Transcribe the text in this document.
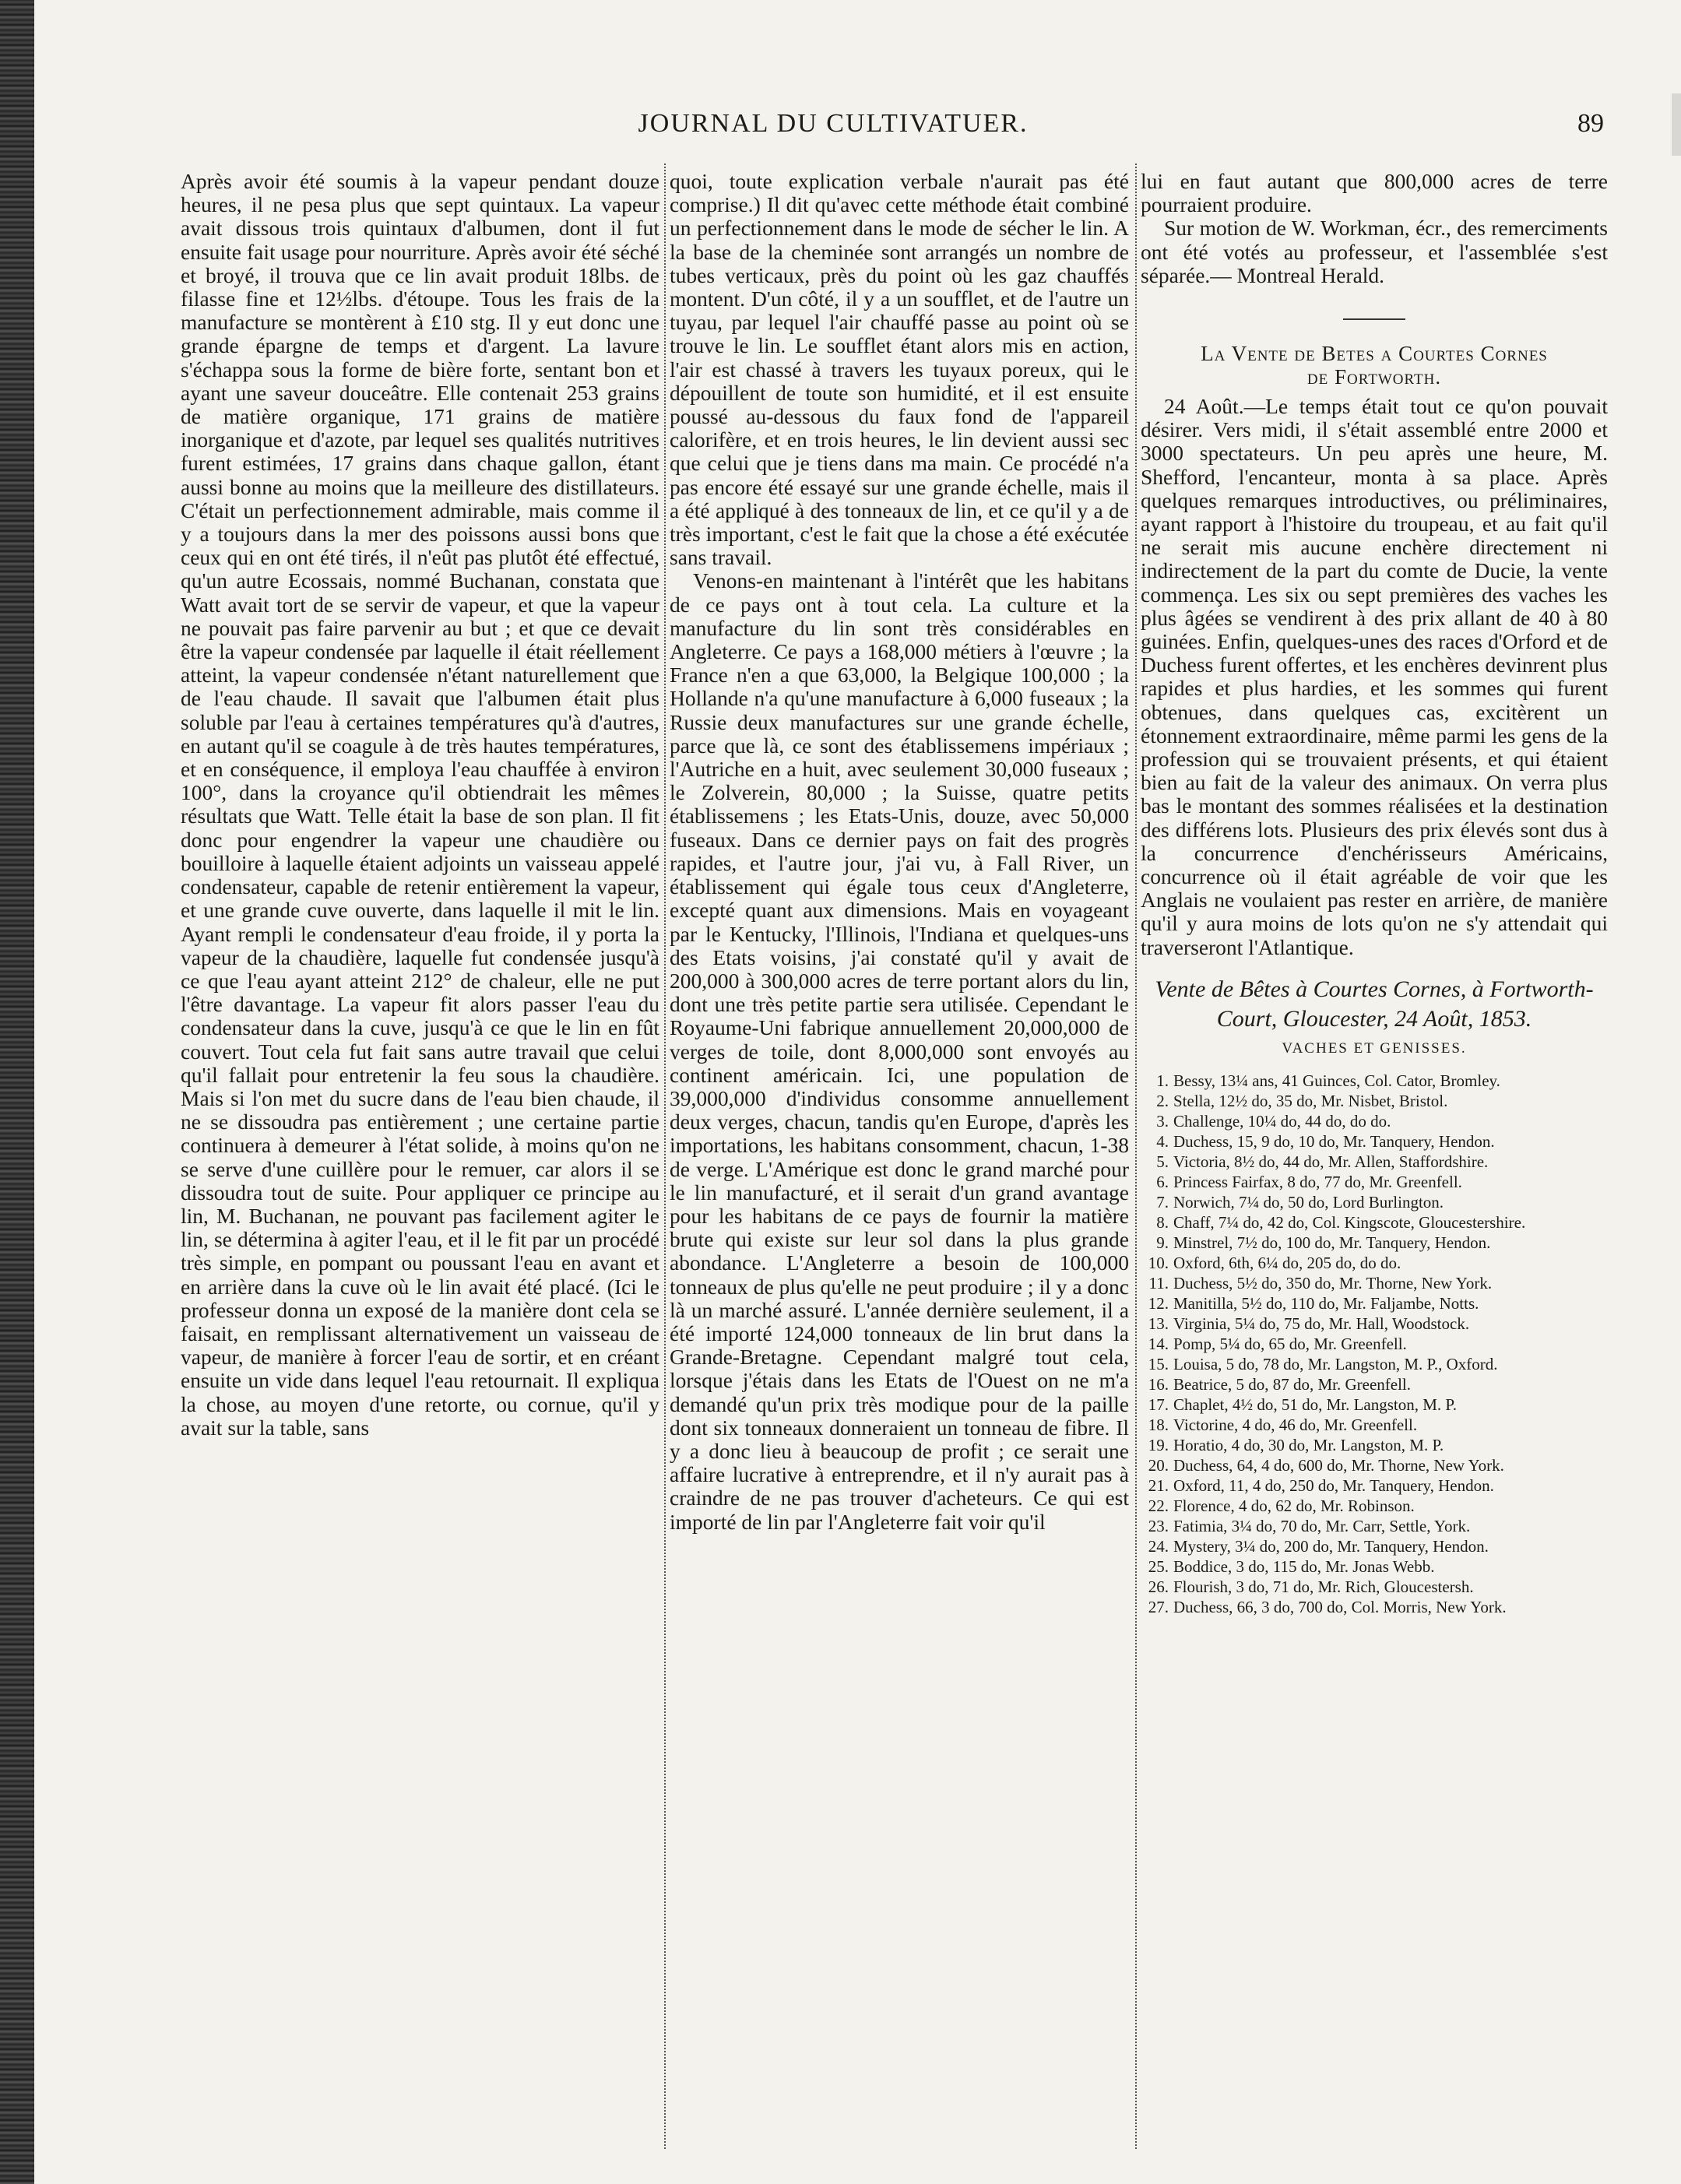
JOURNAL DU CULTIVATUER.	89

Après avoir été soumis à la vapeur pendant douze heures, il ne pesa plus que sept quintaux. La vapeur avait dissous trois quintaux d'albumen, dont il fut ensuite fait usage pour nourriture. Après avoir été séché et broyé, il trouva que ce lin avait produit 18lbs. de filasse fine et 12½lbs. d'étoupe. Tous les frais de la manufacture se montèrent à £10 stg. Il y eut donc une grande épargne de temps et d'argent. La lavure s'échappa sous la forme de bière forte, sentant bon et ayant une saveur douceâtre. Elle contenait 253 grains de matière organique, 171 grains de matière inorganique et d'azote, par lequel ses qualités nutritives furent estimées, 17 grains dans chaque gallon, étant aussi bonne au moins que la meilleure des distillateurs. C'était un perfectionnement admirable, mais comme il y a toujours dans la mer des poissons aussi bons que ceux qui en ont été tirés, il n'eût pas plutôt été effectué, qu'un autre Ecossais, nommé Buchanan, constata que Watt avait tort de se servir de vapeur, et que la vapeur ne pouvait pas faire parvenir au but ; et que ce devait être la vapeur condensée par laquelle il était réellement atteint, la vapeur condensée n'étant naturellement que de l'eau chaude. Il savait que l'albumen était plus soluble par l'eau à certaines températures qu'à d'autres, en autant qu'il se coagule à de très hautes températures, et en conséquence, il employa l'eau chauffée à environ 100°, dans la croyance qu'il obtiendrait les mêmes résultats que Watt. Telle était la base de son plan. Il fit donc pour engendrer la vapeur une chaudière ou bouilloire à laquelle étaient adjoints un vaisseau appelé condensateur, capable de retenir entièrement la vapeur, et une grande cuve ouverte, dans laquelle il mit le lin. Ayant rempli le condensateur d'eau froide, il y porta la vapeur de la chaudière, laquelle fut condensée jusqu'à ce que l'eau ayant atteint 212° de chaleur, elle ne put l'être davantage. La vapeur fit alors passer l'eau du condensateur dans la cuve, jusqu'à ce que le lin en fût couvert. Tout cela fut fait sans autre travail que celui qu'il fallait pour entretenir la feu sous la chaudière. Mais si l'on met du sucre dans de l'eau bien chaude, il ne se dissoudra pas entièrement ; une certaine partie continuera à demeurer à l'état solide, à moins qu'on ne se serve d'une cuillère pour le remuer, car alors il se dissoudra tout de suite. Pour appliquer ce principe au lin, M. Buchanan, ne pouvant pas facilement agiter le lin, se détermina à agiter l'eau, et il le fit par un procédé très simple, en pompant ou poussant l'eau en avant et en arrière dans la cuve où le lin avait été placé. (Ici le professeur donna un exposé de la manière dont cela se faisait, en remplissant alternativement un vaisseau de vapeur, de manière à forcer l'eau de sortir, et en créant ensuite un vide dans lequel l'eau retournait. Il expliqua la chose, au moyen d'une retorte, ou cornue, qu'il y avait sur la table, sans

quoi, toute explication verbale n'aurait pas été comprise.) Il dit qu'avec cette méthode était combiné un perfectionnement dans le mode de sécher le lin. A la base de la cheminée sont arrangés un nombre de tubes verticaux, près du point où les gaz chauffés montent. D'un côté, il y a un soufflet, et de l'autre un tuyau, par lequel l'air chauffé passe au point où se trouve le lin. Le soufflet étant alors mis en action, l'air est chassé à travers les tuyaux poreux, qui le dépouillent de toute son humidité, et il est ensuite poussé au-dessous du faux fond de l'appareil calorifère, et en trois heures, le lin devient aussi sec que celui que je tiens dans ma main. Ce procédé n'a pas encore été essayé sur une grande échelle, mais il a été appliqué à des tonneaux de lin, et ce qu'il y a de très important, c'est le fait que la chose a été exécutée sans travail.

Venons-en maintenant à l'intérêt que les habitans de ce pays ont à tout cela. La culture et la manufacture du lin sont très considérables en Angleterre. Ce pays a 168,000 métiers à l'œuvre ; la France n'en a que 63,000, la Belgique 100,000 ; la Hollande n'a qu'une manufacture à 6,000 fuseaux ; la Russie deux manufactures sur une grande échelle, parce que là, ce sont des établissemens impériaux ; l'Autriche en a huit, avec seulement 30,000 fuseaux ; le Zolverein, 80,000 ; la Suisse, quatre petits établissemens ; les Etats-Unis, douze, avec 50,000 fuseaux. Dans ce dernier pays on fait des progrès rapides, et l'autre jour, j'ai vu, à Fall River, un établissement qui égale tous ceux d'Angleterre, excepté quant aux dimensions. Mais en voyageant par le Kentucky, l'Illinois, l'Indiana et quelques-uns des Etats voisins, j'ai constaté qu'il y avait de 200,000 à 300,000 acres de terre portant alors du lin, dont une très petite partie sera utilisée. Cependant le Royaume-Uni fabrique annuellement 20,000,000 de verges de toile, dont 8,000,000 sont envoyés au continent américain. Ici, une population de 39,000,000 d'individus consomme annuellement deux verges, chacun, tandis qu'en Europe, d'après les importations, les habitans consomment, chacun, 1-38 de verge. L'Amérique est donc le grand marché pour le lin manufacturé, et il serait d'un grand avantage pour les habitans de ce pays de fournir la matière brute qui existe sur leur sol dans la plus grande abondance. L'Angleterre a besoin de 100,000 tonneaux de plus qu'elle ne peut produire ; il y a donc là un marché assuré. L'année dernière seulement, il a été importé 124,000 tonneaux de lin brut dans la Grande-Bretagne. Cependant malgré tout cela, lorsque j'étais dans les Etats de l'Ouest on ne m'a demandé qu'un prix très modique pour de la paille dont six tonneaux donneraient un tonneau de fibre. Il y a donc lieu à beaucoup de profit ; ce serait une affaire lucrative à entreprendre, et il n'y aurait pas à craindre de ne pas trouver d'acheteurs. Ce qui est importé de lin par l'Angleterre fait voir qu'il

lui en faut autant que 800,000 acres de terre pourraient produire.

Sur motion de W. Workman, écr., des remerciments ont été votés au professeur, et l'assemblée s'est séparée.— Montreal Herald.

La Vente de Betes a Courtes Cornes
de Fortworth.

24 Août.—Le temps était tout ce qu'on pouvait désirer. Vers midi, il s'était assemblé entre 2000 et 3000 spectateurs. Un peu après une heure, M. Shefford, l'encanteur, monta à sa place. Après quelques remarques introductives, ou préliminaires, ayant rapport à l'histoire du troupeau, et au fait qu'il ne serait mis aucune enchère directement ni indirectement de la part du comte de Ducie, la vente commença. Les six ou sept premières des vaches les plus âgées se vendirent à des prix allant de 40 à 80 guinées. Enfin, quelques-unes des races d'Orford et de Duchess furent offertes, et les enchères devinrent plus rapides et plus hardies, et les sommes qui furent obtenues, dans quelques cas, excitèrent un étonnement extraordinaire, même parmi les gens de la profession qui se trouvaient présents, et qui étaient bien au fait de la valeur des animaux. On verra plus bas le montant des sommes réalisées et la destination des différens lots. Plusieurs des prix élevés sont dus à la concurrence d'enchérisseurs Américains, concurrence où il était agréable de voir que les Anglais ne voulaient pas rester en arrière, de manière qu'il y aura moins de lots qu'on ne s'y attendait qui traverseront l'Atlantique.

Vente de Bêtes à Courtes Cornes, à Fortworth-Court, Gloucester, 24 Août, 1853.
VACHES ET GENISSES.
1. Bessy, 13¼ ans, 41 Guinces, Col. Cator, Bromley.
2. Stella, 12½ do, 35 do, Mr. Nisbet, Bristol.
3. Challenge, 10¼ do, 44 do, do do.
4. Duchess, 15, 9 do, 10 do, Mr. Tanquery, Hendon.
5. Victoria, 8½ do, 44 do, Mr. Allen, Staffordshire.
6. Princess Fairfax, 8 do, 77 do, Mr. Greenfell.
7. Norwich, 7¼ do, 50 do, Lord Burlington.
8. Chaff, 7¼ do, 42 do, Col. Kingscote, Gloucestershire.
9. Minstrel, 7½ do, 100 do, Mr. Tanquery, Hendon.
10. Oxford, 6th, 6¼ do, 205 do, do do.
11. Duchess, 5½ do, 350 do, Mr. Thorne, New York.
12. Manitilla, 5½ do, 110 do, Mr. Faljambe, Notts.
13. Virginia, 5¼ do, 75 do, Mr. Hall, Woodstock.
14. Pomp, 5¼ do, 65 do, Mr. Greenfell.
15. Louisa, 5 do, 78 do, Mr. Langston, M. P., Oxford.
16. Beatrice, 5 do, 87 do, Mr. Greenfell.
17. Chaplet, 4½ do, 51 do, Mr. Langston, M. P.
18. Victorine, 4 do, 46 do, Mr. Greenfell.
19. Horatio, 4 do, 30 do, Mr. Langston, M. P.
20. Duchess, 64, 4 do, 600 do, Mr. Thorne, New York.
21. Oxford, 11, 4 do, 250 do, Mr. Tanquery, Hendon.
22. Florence, 4 do, 62 do, Mr. Robinson.
23. Fatimia, 3¼ do, 70 do, Mr. Carr, Settle, York.
24. Mystery, 3¼ do, 200 do, Mr. Tanquery, Hendon.
25. Boddice, 3 do, 115 do, Mr. Jonas Webb.
26. Flourish, 3 do, 71 do, Mr. Rich, Gloucestersh.
27. Duchess, 66, 3 do, 700 do, Col. Morris, New York.
